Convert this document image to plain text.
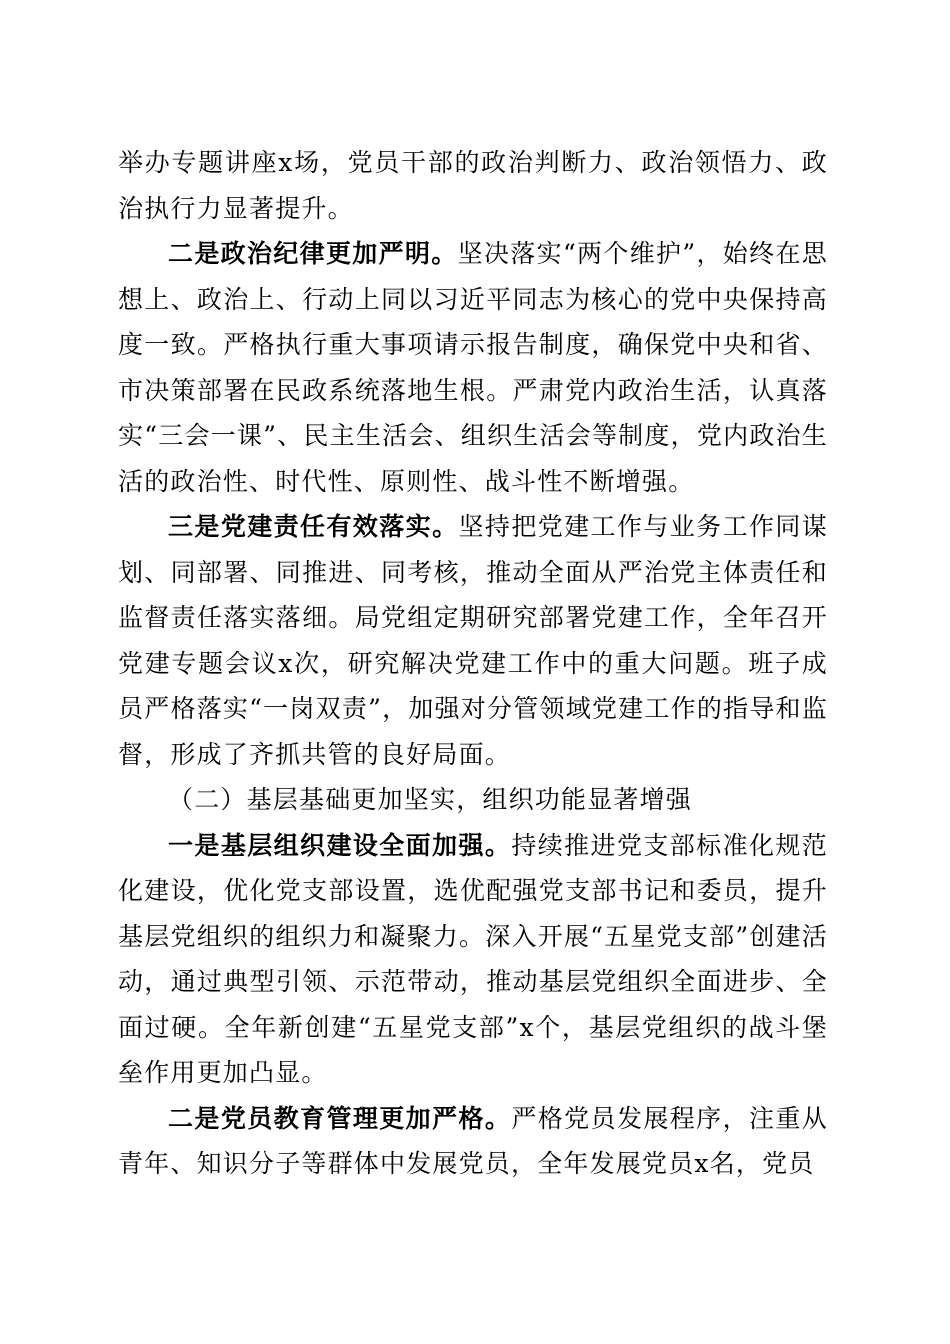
举办专题讲座x场，党员干部的政治判断力、政治领悟力、政治执行力显著提升。

二是政治纪律更加严明。坚决落实“两个维护”，始终在思想上、政治上、行动上同以习近平同志为核心的党中央保持高度一致。严格执行重大事项请示报告制度，确保党中央和省、市决策部署在民政系统落地生根。严肃党内政治生活，认真落实“三会一课”、民主生活会、组织生活会等制度，党内政治生活的政治性、时代性、原则性、战斗性不断增强。

三是党建责任有效落实。坚持把党建工作与业务工作同谋划、同部署、同推进、同考核，推动全面从严治党主体责任和监督责任落实落细。局党组定期研究部署党建工作，全年召开党建专题会议x次，研究解决党建工作中的重大问题。班子成员严格落实“一岗双责”，加强对分管领域党建工作的指导和监督，形成了齐抓共管的良好局面。

（二）基层基础更加坚实，组织功能显著增强

一是基层组织建设全面加强。持续推进党支部标准化规范化建设，优化党支部设置，选优配强党支部书记和委员，提升基层党组织的组织力和凝聚力。深入开展“五星党支部”创建活动，通过典型引领、示范带动，推动基层党组织全面进步、全面过硬。全年新创建“五星党支部”x个，基层党组织的战斗堡垒作用更加凸显。

二是党员教育管理更加严格。严格党员发展程序，注重从青年、知识分子等群体中发展党员，全年发展党员x名，党员
